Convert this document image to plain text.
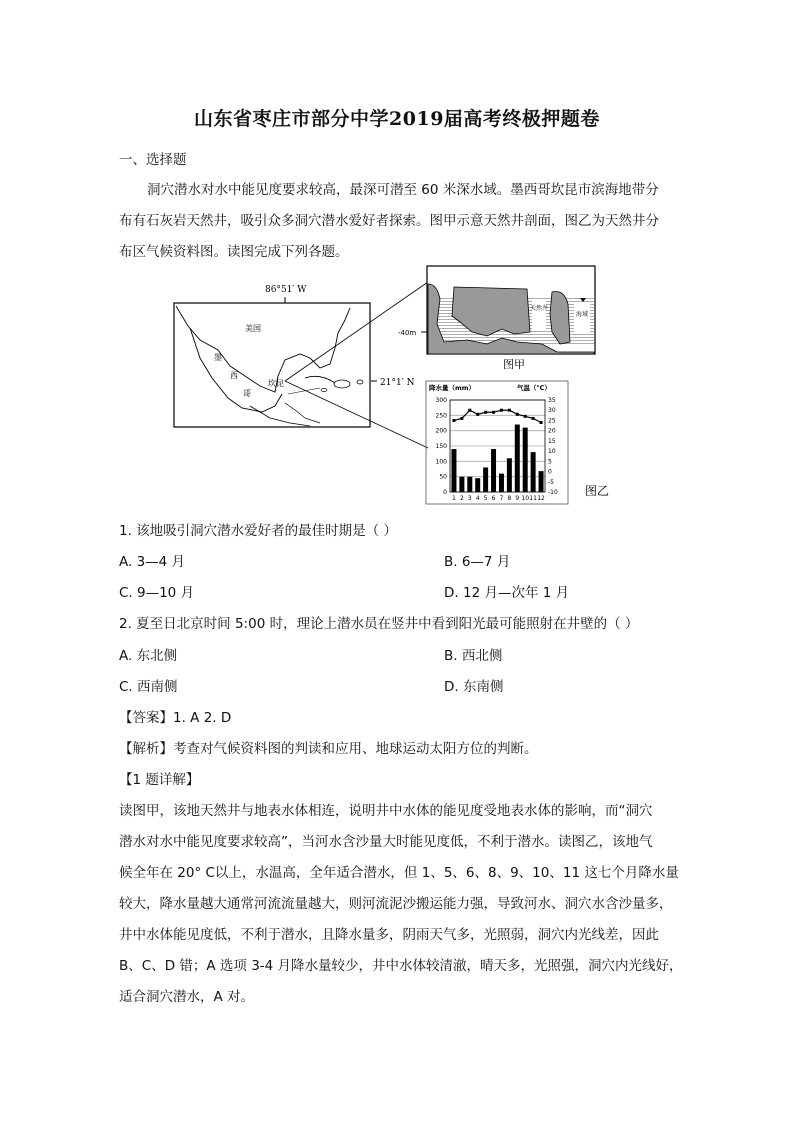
山东省枣庄市部分中学2019届高考终极押题卷
一、选择题
洞穴潜水对水中能见度要求较高，最深可潜至 60 米深水域。墨西哥坎昆市滨海地带分
布有石灰岩天然井，吸引众多洞穴潜水爱好者探索。图甲示意天然井剖面，图乙为天然井分
布区气候资料图。读图完成下列各题。
86°51′ W
美国
墨
西
哥
坎昆	21°1′ N
天然井
海域
-40m
图甲
降水量（mm）	气温（℃）
0
50
100
150
200
250
300
-10
-5
0
5
10
15
20
25
30
35
1 2 3 4 5 6 7 8 9 10 11 12
图乙
1. 该地吸引洞穴潜水爱好者的最佳时期是（ ）
A. 3—4 月	B. 6—7 月
C. 9—10 月	D. 12 月—次年 1 月
2. 夏至日北京时间 5:00 时，理论上潜水员在竖井中看到阳光最可能照射在井壁的（ ）
A. 东北侧	B. 西北侧
C. 西南侧	D. 东南侧
【答案】1. A 2. D
【解析】考查对气候资料图的判读和应用、地球运动太阳方位的判断。
【1 题详解】
读图甲，该地天然井与地表水体相连，说明井中水体的能见度受地表水体的影响，而“洞穴
潜水对水中能见度要求较高”，当河水含沙量大时能见度低，不利于潜水。读图乙，该地气
候全年在 20° C以上，水温高，全年适合潜水，但 1、5、6、8、9、10、11 这七个月降水量
较大，降水量越大通常河流流量越大，则河流泥沙搬运能力强，导致河水、洞穴水含沙量多，
井中水体能见度低，不利于潜水，且降水量多，阴雨天气多，光照弱，洞穴内光线差，因此
B、C、D 错；A 选项 3-4 月降水量较少，井中水体较清澈，晴天多，光照强，洞穴内光线好，
适合洞穴潜水，A 对。
